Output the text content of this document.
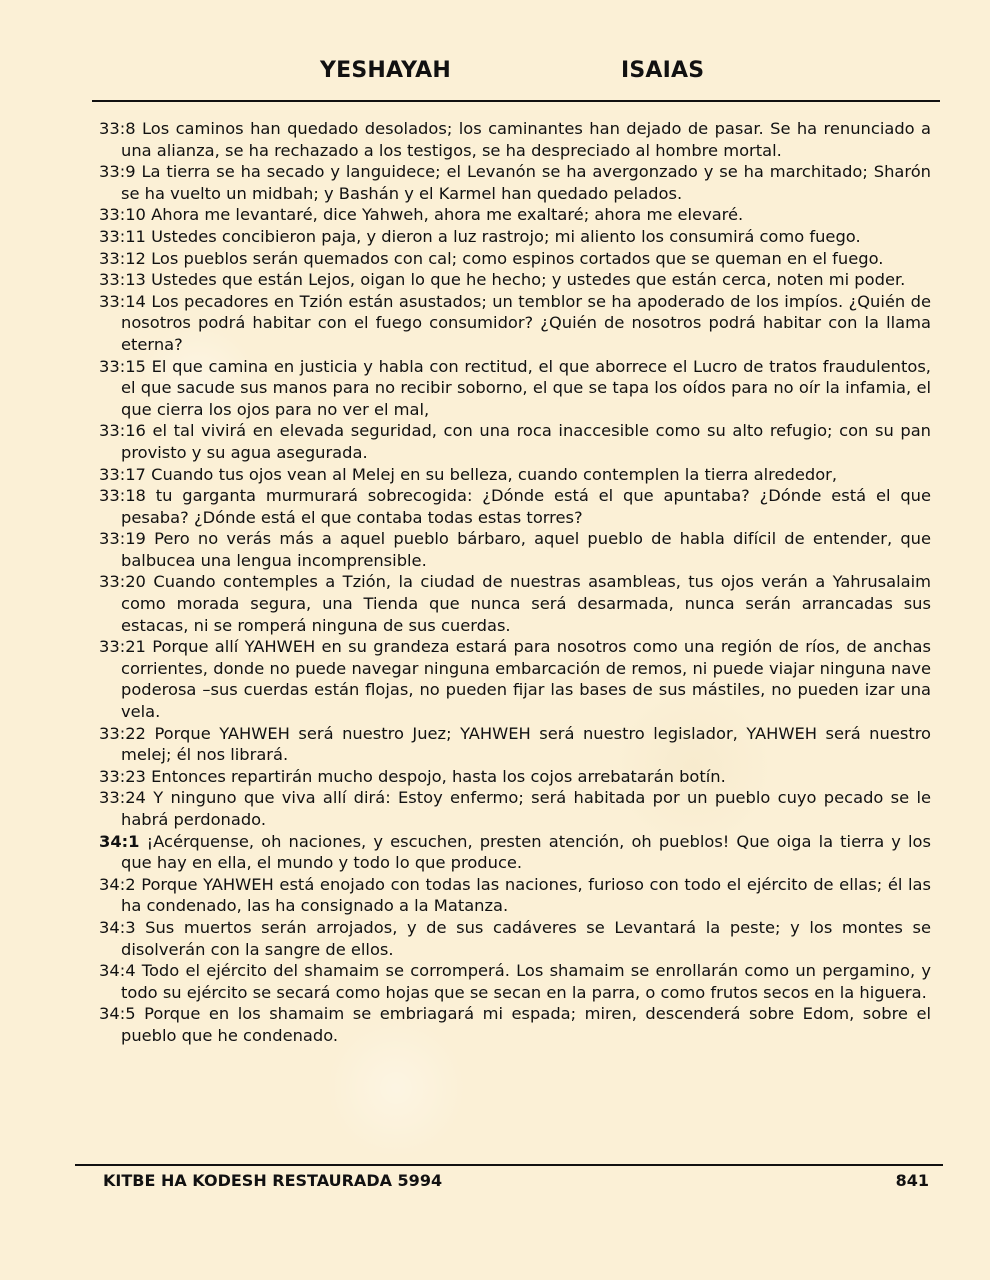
YESHAYAH	ISAIAS

33:8 Los caminos han quedado desolados; los caminantes han dejado de pasar. Se ha renunciado a una alianza, se ha rechazado a los testigos, se ha despreciado al hombre mortal.

33:9 La tierra se ha secado y languidece; el Levanón se ha avergonzado y se ha marchitado; Sharón se ha vuelto un midbah; y Bashán y el Karmel han quedado pelados.

33:10 Ahora me levantaré, dice Yahweh, ahora me exaltaré; ahora me elevaré.

33:11 Ustedes concibieron paja, y dieron a luz rastrojo; mi aliento los consumirá como fuego.

33:12 Los pueblos serán quemados con cal; como espinos cortados que se queman en el fuego.

33:13 Ustedes que están Lejos, oigan lo que he hecho; y ustedes que están cerca, noten mi poder.

33:14 Los pecadores en Tzión están asustados; un temblor se ha apoderado de los impíos. ¿Quién de nosotros podrá habitar con el fuego consumidor? ¿Quién de nosotros podrá habitar con la llama eterna?

33:15 El que camina en justicia y habla con rectitud, el que aborrece el Lucro de tratos fraudulentos, el que sacude sus manos para no recibir soborno, el que se tapa los oídos para no oír la infamia, el que cierra los ojos para no ver el mal,

33:16 el tal vivirá en elevada seguridad, con una roca inaccesible como su alto refugio; con su pan provisto y su agua asegurada.

33:17 Cuando tus ojos vean al Melej en su belleza, cuando contemplen la tierra alrededor,

33:18 tu garganta murmurará sobrecogida: ¿Dónde está el que apuntaba? ¿Dónde está el que pesaba? ¿Dónde está el que contaba todas estas torres?

33:19 Pero no verás más a aquel pueblo bárbaro, aquel pueblo de habla difícil de entender, que balbucea una lengua incomprensible.

33:20 Cuando contemples a Tzión, la ciudad de nuestras asambleas, tus ojos verán a Yahrusalaim como morada segura, una Tienda que nunca será desarmada, nunca serán arrancadas sus estacas, ni se romperá ninguna de sus cuerdas.

33:21 Porque allí YAHWEH en su grandeza estará para nosotros como una región de ríos, de anchas corrientes, donde no puede navegar ninguna embarcación de remos, ni puede viajar ninguna nave poderosa –sus cuerdas están flojas, no pueden fijar las bases de sus mástiles, no pueden izar una vela.

33:22 Porque YAHWEH será nuestro Juez; YAHWEH será nuestro legislador, YAHWEH será nuestro melej; él nos librará.

33:23 Entonces repartirán mucho despojo, hasta los cojos arrebatarán botín.

33:24 Y ninguno que viva allí dirá: Estoy enfermo; será habitada por un pueblo cuyo pecado se le habrá perdonado.

34:1 ¡Acérquense, oh naciones, y escuchen, presten atención, oh pueblos! Que oiga la tierra y los que hay en ella, el mundo y todo lo que produce.

34:2 Porque YAHWEH está enojado con todas las naciones, furioso con todo el ejército de ellas; él las ha condenado, las ha consignado a la Matanza.

34:3 Sus muertos serán arrojados, y de sus cadáveres se Levantará la peste; y los montes se disolverán con la sangre de ellos.

34:4 Todo el ejército del shamaim se corromperá. Los shamaim se enrollarán como un pergamino, y todo su ejército se secará como hojas que se secan en la parra, o como frutos secos en la higuera.

34:5 Porque en los shamaim se embriagará mi espada; miren, descenderá sobre Edom, sobre el pueblo que he condenado.

KITBE HA KODESH RESTAURADA 5994	841
